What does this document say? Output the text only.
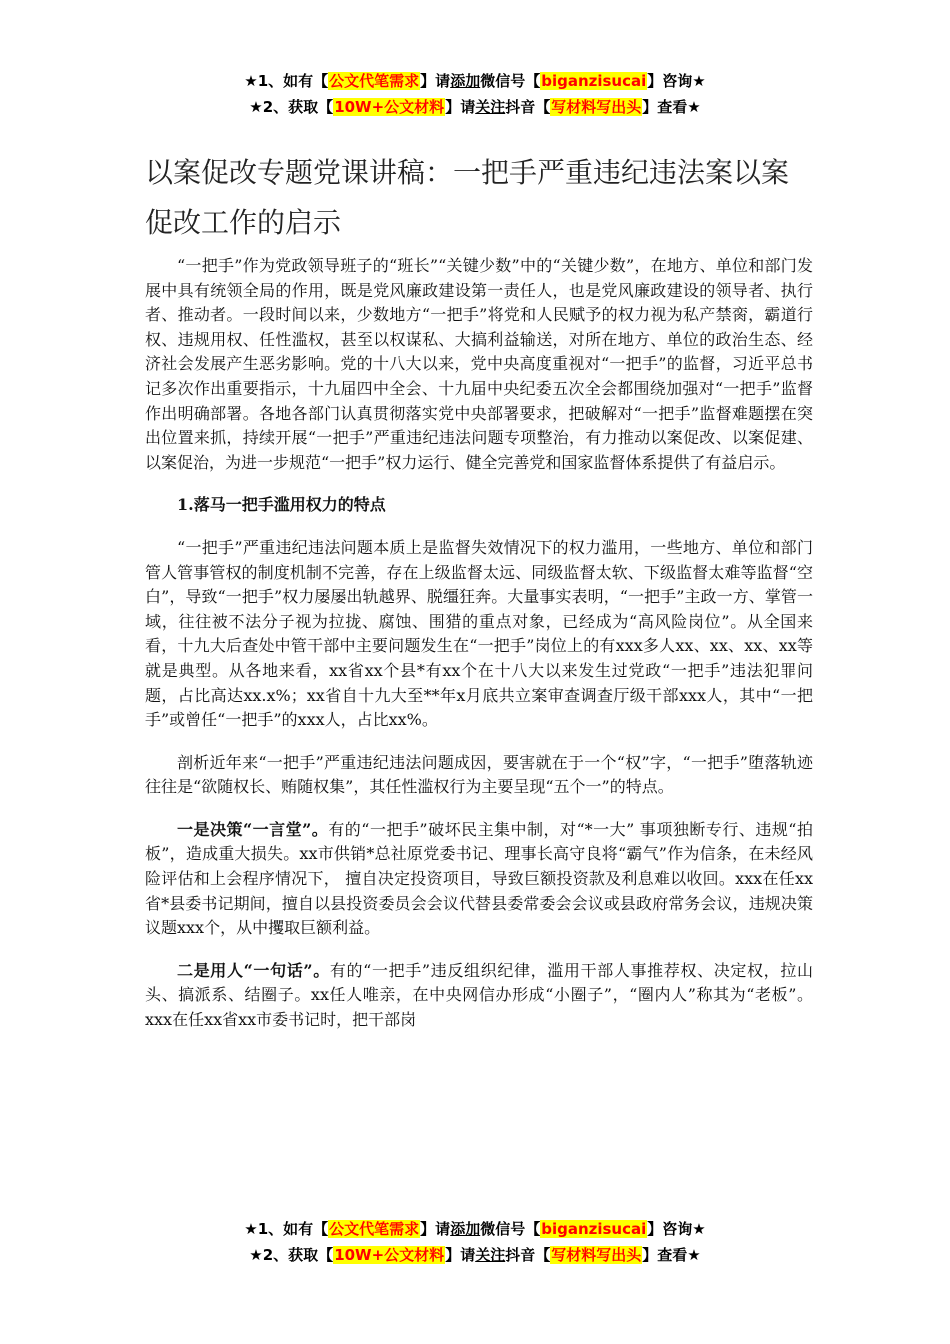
★1、如有【公文代笔需求】请添加微信号【biganzisucai】咨询★
★2、获取【10W+公文材料】请关注抖音【写材料写出头】查看★
以案促改专题党课讲稿：一把手严重违纪违法案以案促改工作的启示

“一把手”作为党政领导班子的“班长”“关键少数”中的“关键少数”，在地方、单位和部门发展中具有统领全局的作用，既是党风廉政建设第一责任人，也是党风廉政建设的领导者、执行者、推动者。一段时间以来，少数地方“一把手”将党和人民赋予的权力视为私产禁脔，霸道行权、违规用权、任性滥权，甚至以权谋私、大搞利益输送，对所在地方、单位的政治生态、经济社会发展产生恶劣影响。党的十八大以来，党中央高度重视对“一把手”的监督，习近平总书记多次作出重要指示，十九届四中全会、十九届中央纪委五次全会都围绕加强对“一把手”监督作出明确部署。各地各部门认真贯彻落实党中央部署要求，把破解对“一把手”监督难题摆在突出位置来抓，持续开展“一把手”严重违纪违法问题专项整治，有力推动以案促改、以案促建、以案促治，为进一步规范“一把手”权力运行、健全完善党和国家监督体系提供了有益启示。

1.落马一把手滥用权力的特点

“一把手”严重违纪违法问题本质上是监督失效情况下的权力滥用，一些地方、单位和部门管人管事管权的制度机制不完善，存在上级监督太远、同级监督太软、下级监督太难等监督“空白”，导致“一把手”权力屡屡出轨越界、脱缰狂奔。大量事实表明，“一把手”主政一方、掌管一域，往往被不法分子视为拉拢、腐蚀、围猎的重点对象，已经成为“高风险岗位”。从全国来看，十九大后查处中管干部中主要问题发生在“一把手”岗位上的有xxx多人xx、xx、xx、xx等就是典型。从各地来看，xx省xx个县*有xx个在十八大以来发生过党政“一把手”违法犯罪问题，占比高达xx.x%；xx省自十九大至**年x月底共立案审查调查厅级干部xxx人，其中“一把手”或曾任“一把手”的xxx人，占比xx%。

剖析近年来“一把手”严重违纪违法问题成因，要害就在于一个“权”字，“一把手”堕落轨迹往往是“欲随权长、贿随权集”，其任性滥权行为主要呈现“五个一”的特点。

一是决策“一言堂”。有的“一把手”破坏民主集中制，对“*一大” 事项独断专行、违规“拍板”，造成重大损失。xx市供销*总社原党委书记、理事长高守良将“霸气”作为信条，在未经风险评估和上会程序情况下， 擅自决定投资项目，导致巨额投资款及利息难以收回。xxx在任xx省*县委书记期间，擅自以县投资委员会会议代替县委常委会会议或县政府常务会议，违规决策议题xxx个，从中攫取巨额利益。

二是用人“一句话”。有的“一把手”违反组织纪律，滥用干部人事推荐权、决定权，拉山头、搞派系、结圈子。xx任人唯亲，在中央网信办形成“小圈子”，“圈内人”称其为“老板”。xxx在任xx省xx市委书记时，把干部岗

★1、如有【公文代笔需求】请添加微信号【biganzisucai】咨询★
★2、获取【10W+公文材料】请关注抖音【写材料写出头】查看★
